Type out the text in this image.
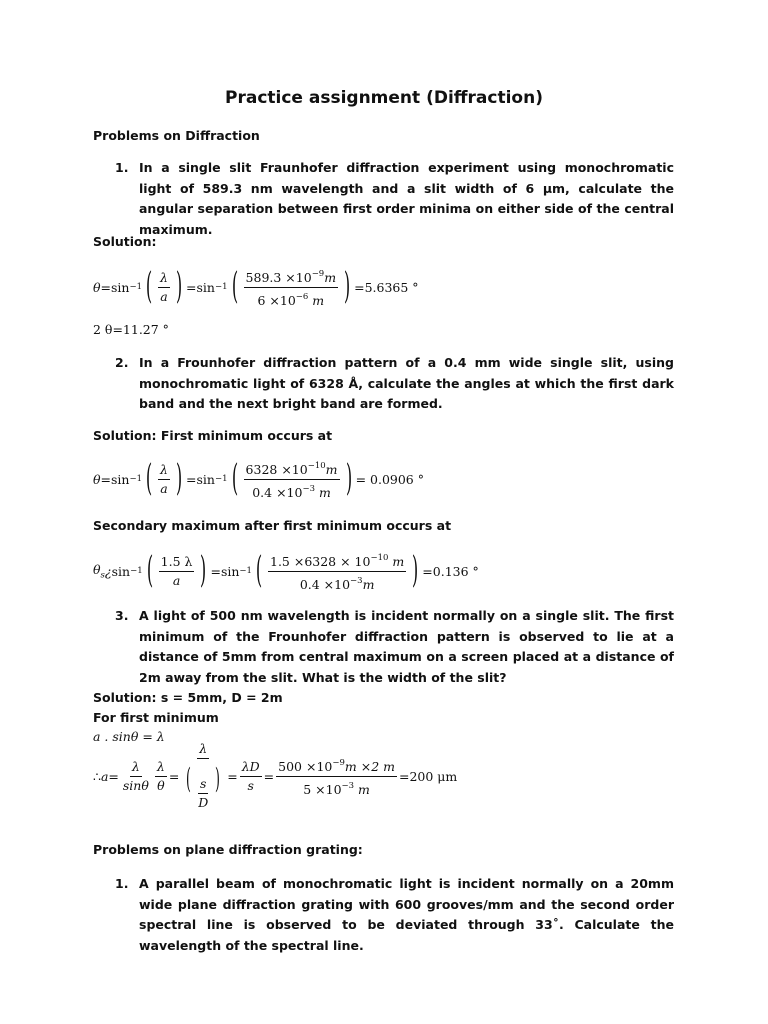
Practice assignment (Diffraction)
Problems on Diffraction
1. In a single slit Fraunhofer diffraction experiment using monochromatic light of 589.3 nm wavelength and a slit width of 6 µm, calculate the angular separation between first order minima on either side of the central maximum.
Solution:
θ =sin −1 ( $\frac{\lambda}{a}$ ) =sin −1 ( $\frac{589.3 \times 10^{-9}m}{6 \times 10^{-6} m}$ ) =5.6365 °
2 θ=11.27 °
2. In a Frounhofer diffraction pattern of a 0.4 mm wide single slit, using monochromatic light of 6328 Å, calculate the angles at which the first dark band and the next bright band are formed.
Solution: First minimum occurs at
θ =sin −1 ( $\frac{\lambda}{a}$ ) =sin −1 ( $\frac{6328 \times 10^{-10}m}{0.4 \times 10^{-3} m}$ ) = 0.0906 °
Secondary maximum after first minimum occurs at
$\theta_s$ ¿ sin −1 ( $\frac{1.5 \lambda}{a}$ ) =sin −1 ( $\frac{1.5 \times 6328 \times 10^{-10} m}{0.4 \times 10^{-3}m}$ ) =0.136 °
3. A light of 500 nm wavelength is incident normally on a single slit. The first minimum of the Frounhofer diffraction pattern is observed to lie at a distance of 5mm from central maximum on a screen placed at a distance of 2m away from the slit. What is the width of the slit?
Solution: s = 5mm, D = 2m
For first minimum
a . sinθ = λ
∴ $a = \frac{\lambda}{\sin\theta} \frac{\lambda}{\theta} = \frac{\lambda}{( \frac{s}{D} )} = \frac{\lambda D}{s} = \frac{500 \times 10^{-9}m \times 2 m}{5 \times 10^{-3} m} =200$ μm
Problems on plane diffraction grating:
1. A parallel beam of monochromatic light is incident normally on a 20mm wide plane diffraction grating with 600 grooves/mm and the second order spectral line is observed to be deviated through 33˚. Calculate the wavelength of the spectral line.
